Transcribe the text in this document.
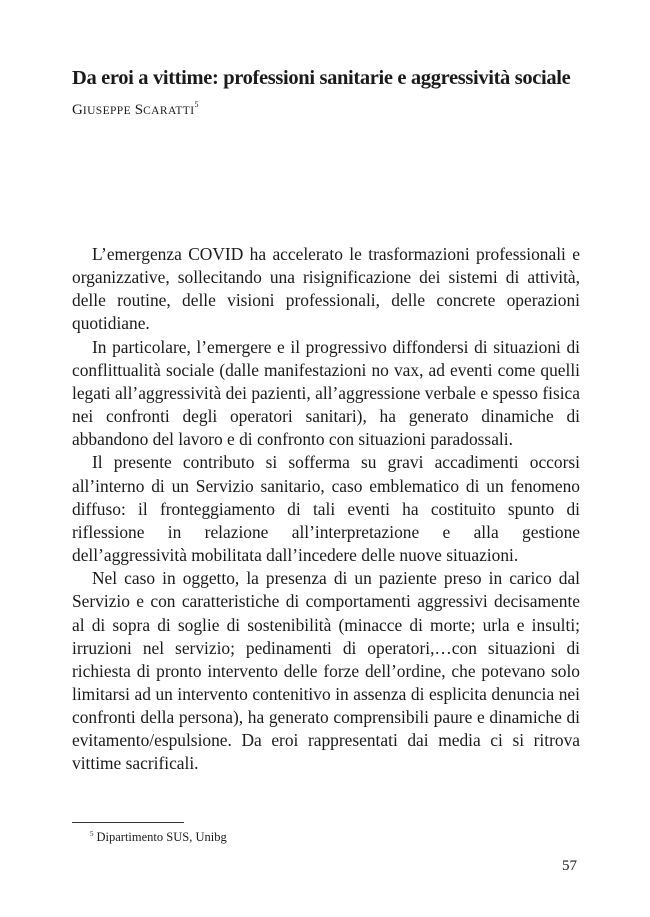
Da eroi a vittime: professioni sanitarie e aggressività sociale

GIUSEPPE SCARATTI$^5$

L’emergenza COVID ha accelerato le trasformazioni professionali e organizzative, sollecitando una risignificazione dei sistemi di attività, delle routine, delle visioni professionali, delle concrete operazioni quotidiane.

In particolare, l’emergere e il progressivo diffondersi di situazioni di conflittualità sociale (dalle manifestazioni no vax, ad eventi come quelli legati all’aggressività dei pazienti, all’aggressione verbale e spesso fisica nei confronti degli operatori sanitari), ha generato dinamiche di abbandono del lavoro e di confronto con situazioni paradossali.

Il presente contributo si sofferma su gravi accadimenti occorsi all’interno di un Servizio sanitario, caso emblematico di un fenomeno diffuso: il fronteggiamento di tali eventi ha costituito spunto di riflessione in relazione all’interpretazione e alla gestione dell’aggressività mobilitata dall’incedere delle nuove situazioni.

Nel caso in oggetto, la presenza di un paziente preso in carico dal Servizio e con caratteristiche di comportamenti aggressivi decisamente al di sopra di soglie di sostenibilità (minacce di morte; urla e insulti; irruzioni nel servizio; pedinamenti di operatori,…con situazioni di richiesta di pronto intervento delle forze dell’ordine, che potevano solo limitarsi ad un intervento contenitivo in assenza di esplicita denuncia nei confronti della persona), ha generato comprensibili paure e dinamiche di evitamento/espulsione. Da eroi rappresentati dai media ci si ritrova vittime sacrificali.

$^5$ Dipartimento SUS, Unibg
57
